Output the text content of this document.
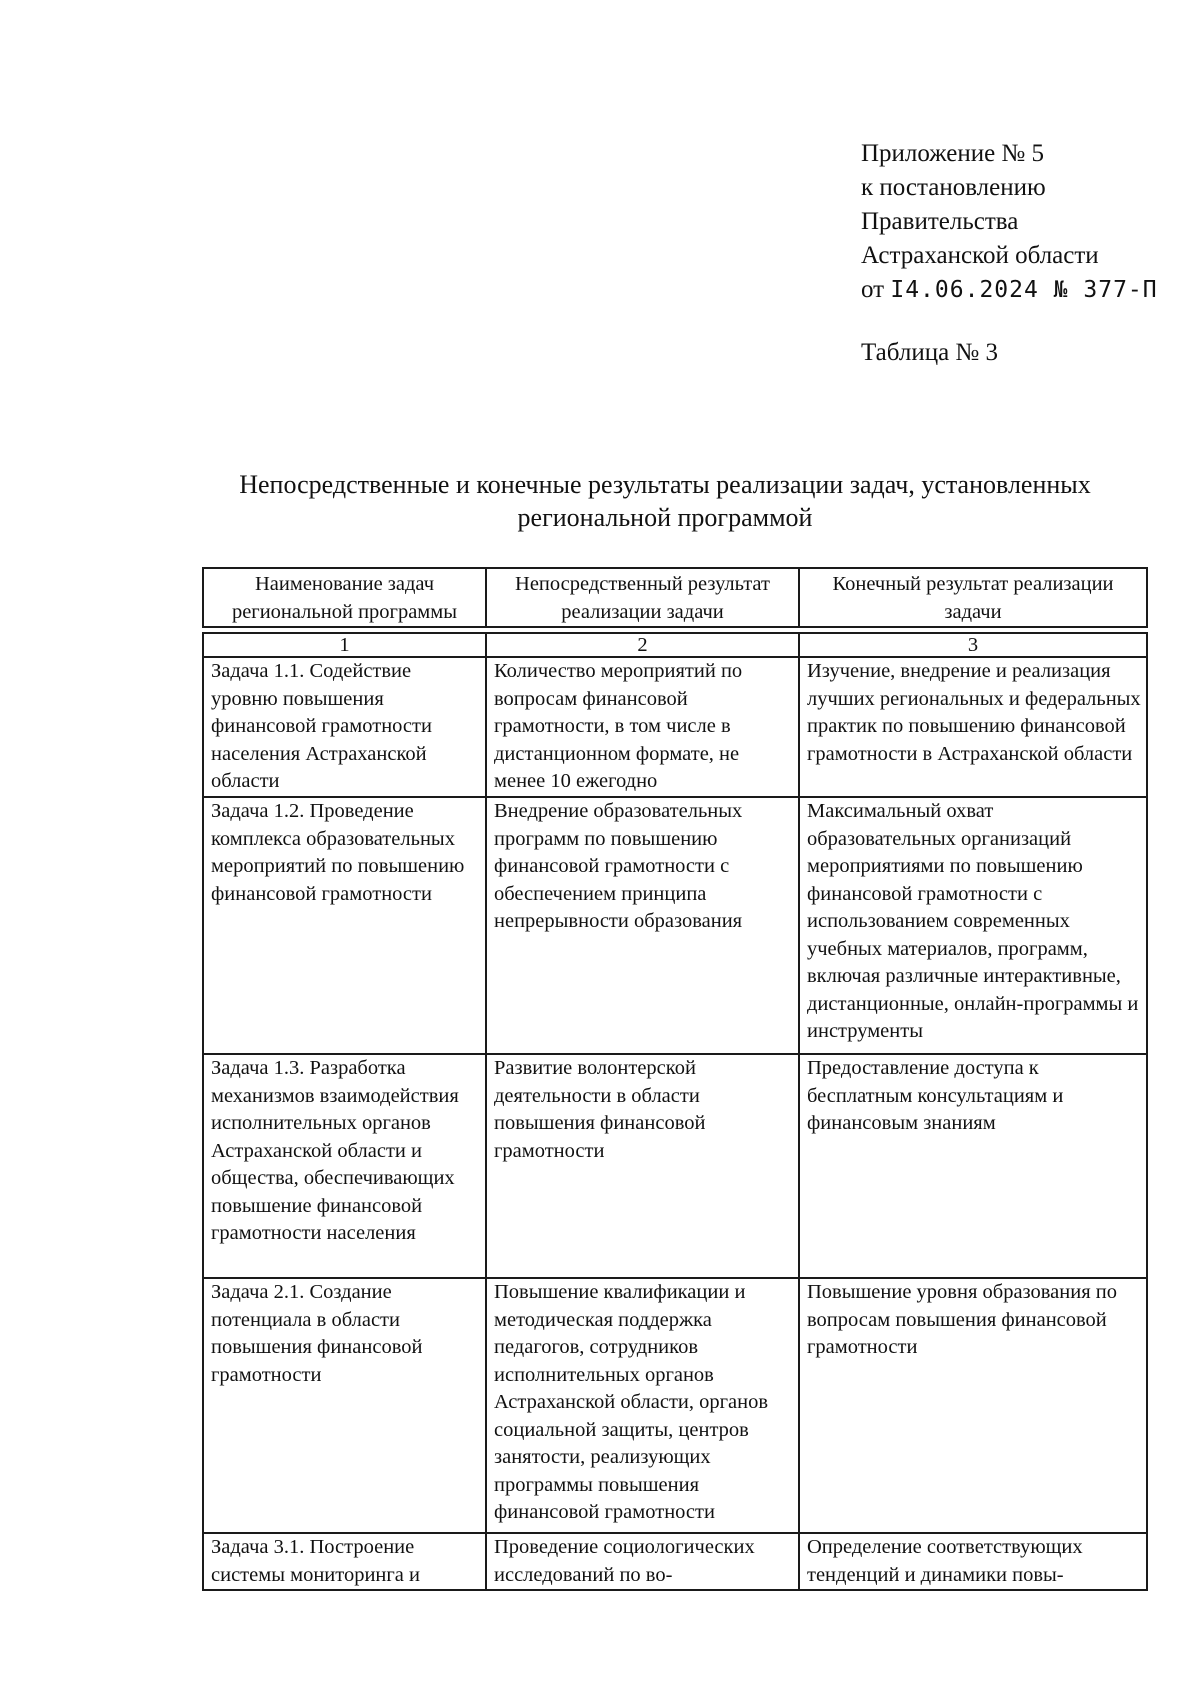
Приложение № 5
к постановлению
Правительства
Астраханской области
от I4.06.2024 № 377-П
Таблица № 3
Непосредственные и конечные результаты реализации задач, установленных
региональной программой
Наименование задач региональной программы	Непосредственный результат реализации задачи	Конечный результат реализации задачи

1	2	3
Задача 1.1. Содействие уровню повышения финансовой грамотности населения Астраханской области	Количество мероприятий по вопросам финансовой грамотности, в том числе в дистанционном формате, не менее 10 ежегодно	Изучение, внедрение и реализация лучших региональных и федеральных практик по повышению финансовой грамотности в Астраханской области
Задача 1.2. Проведение комплекса образовательных мероприятий по повышению финансовой грамотности	Внедрение образовательных программ по повышению финансовой грамотности с обеспечением принципа непрерывности образования	Максимальный охват образовательных организаций мероприятиями по повышению финансовой грамотности с использованием современных учебных материалов, программ, включая различные интерактивные, дистанционные, онлайн-программы и инструменты
Задача 1.3. Разработка механизмов взаимодействия исполнительных органов Астраханской области и общества, обеспечивающих повышение финансовой грамотности населения	Развитие волонтерской деятельности в области повышения финансовой грамотности	Предоставление доступа к бесплатным консультациям и финансовым знаниям
Задача 2.1. Создание потенциала в области повышения финансовой грамотности	Повышение квалификации и методическая поддержка педагогов, сотрудников исполнительных органов Астраханской области, органов социальной защиты, центров занятости, реализующих программы повышения финансовой грамотности	Повышение уровня образования по вопросам повышения финансовой грамотности
Задача 3.1. Построение системы мониторинга и	Проведение социологических исследований по во-	Определение соответствующих тенденций и динамики повы-
